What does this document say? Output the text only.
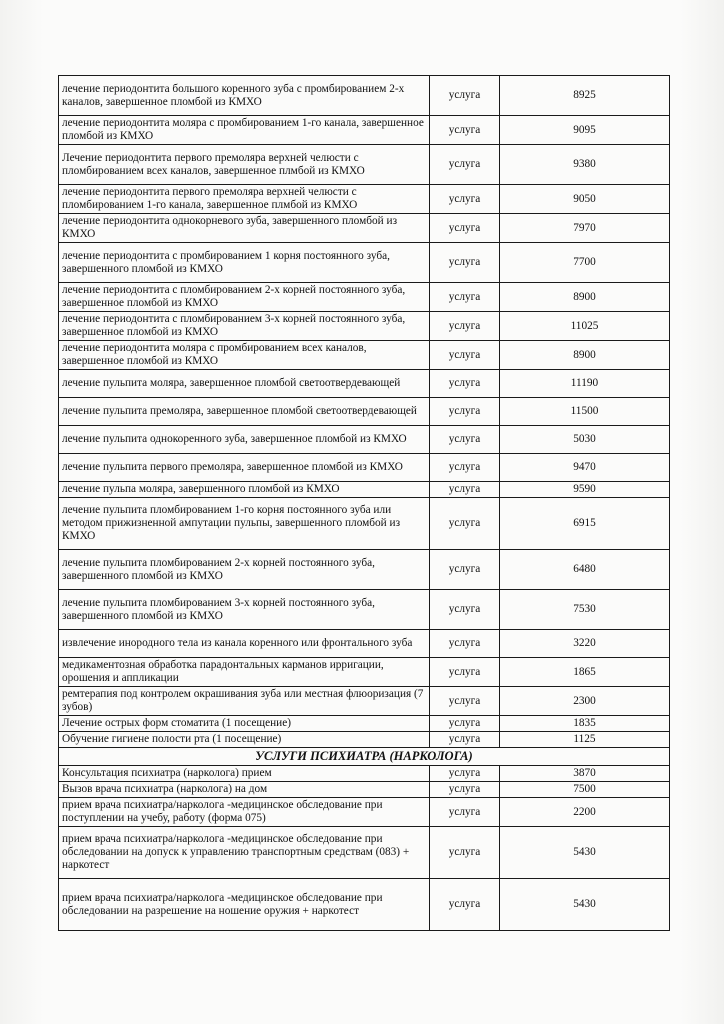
лечение периодонтита большого коренного зуба с промбированием 2-х каналов, завершенное пломбой из КМХО	услуга	8925
лечение периодонтита моляра с промбированием 1-го канала, завершенное пломбой из КМХО	услуга	9095
Лечение периодонтита первого премоляра верхней челюсти с пломбированием всех каналов, завершенное плмбой из КМХО	услуга	9380
лечение периодонтита первого премоляра верхней челюсти с пломбированием 1-го канала, завершенное плмбой из КМХО	услуга	9050
лечение периодонтита однокорневого зуба, завершенного пломбой из КМХО	услуга	7970
лечение периодонтита с промбированием 1 корня постоянного зуба, завершенного пломбой из КМХО	услуга	7700
лечение периодонтита с пломбированием 2-х корней постоянного зуба, завершенное пломбой из КМХО	услуга	8900
лечение периодонтита с пломбированием 3-х корней постоянного зуба, завершенное пломбой из КМХО	услуга	11025
лечение периодонтита моляра с промбированием всех каналов, завершенное пломбой из КМХО	услуга	8900
лечение пульпита моляра, завершенное пломбой светоотвердевающей	услуга	11190
лечение пульпита премоляра, завершенное пломбой светоотвердевающей	услуга	11500
лечение пульпита однокоренного зуба, завершенное пломбой из КМХО	услуга	5030
лечение пульпита первого премоляра, завершенное пломбой из КМХО	услуга	9470
лечение пульпа моляра, завершенного пломбой из КМХО	услуга	9590
лечение пульпита пломбированием 1-го корня постоянного зуба или методом прижизненной ампутации пульпы, завершенного пломбой из КМХО	услуга	6915
лечение пульпита пломбированием 2-х корней постоянного зуба, завершенного пломбой из КМХО	услуга	6480
лечение пульпита пломбированием 3-х корней постоянного зуба, завершенного пломбой из КМХО	услуга	7530
извлечение инородного тела из канала коренного или фронтального зуба	услуга	3220
медикаментозная обработка парадонтальных карманов ирригации, орошения и аппликации	услуга	1865
ремтерапия под контролем окрашивания зуба или местная флюоризация (7 зубов)	услуга	2300
Лечение острых форм стоматита (1 посещение)	услуга	1835
Обучение гигиене полости рта (1 посещение)	услуга	1125
УСЛУГИ ПСИХИАТРА (НАРКОЛОГА)		
Консультация психиатра (нарколога) прием	услуга	3870
Вызов врача психиатра (нарколога) на дом	услуга	7500
прием врача психиатра/нарколога -медицинское обследование при поступлении на учебу, работу (форма 075)	услуга	2200
прием врача психиатра/нарколога -медицинское обследование при обследовании на допуск к управлению транспортным средствам (083) + наркотест	услуга	5430
прием врача психиатра/нарколога -медицинское обследование при обследовании на разрешение на ношение оружия + наркотест	услуга	5430
